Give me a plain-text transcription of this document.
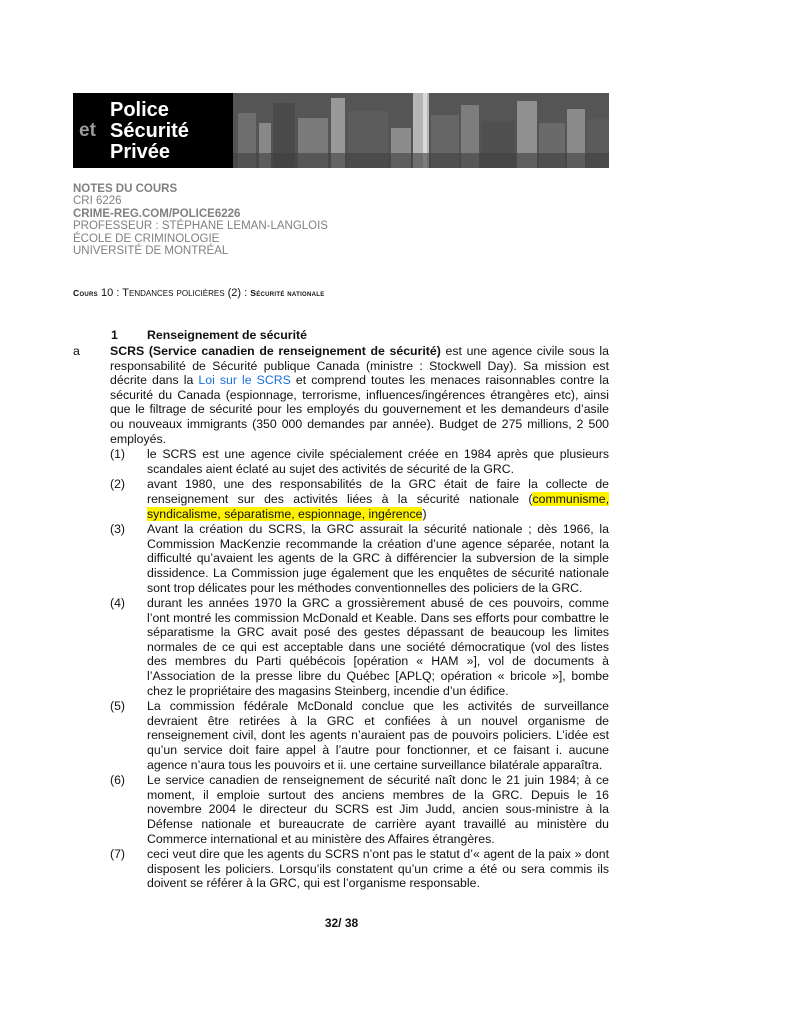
et
Police
Sécurité
Privée
NOTES DU COURS
CRI 6226
CRIME-REG.COM/POLICE6226
PROFESSEUR : STÉPHANE LEMAN-LANGLOIS
ÉCOLE DE CRIMINOLOGIE
UNIVERSITÉ DE MONTRÉAL
Cours 10 : Tendances policières (2) : Sécurité nationale
1 Renseignement de sécurité
a SCRS (Service canadien de renseignement de sécurité) est une agence civile sous la responsabilité de Sécurité publique Canada (ministre : Stockwell Day). Sa mission est décrite dans la Loi sur le SCRS et comprend toutes les menaces raisonnables contre la sécurité du Canada (espionnage, terrorisme, influences/ingérences étrangères etc), ainsi que le filtrage de sécurité pour les employés du gouvernement et les demandeurs d’asile ou nouveaux immigrants (350 000 demandes par année). Budget de 275 millions, 2 500 employés.
(1) le SCRS est une agence civile spécialement créée en 1984 après que plusieurs scandales aient éclaté au sujet des activités de sécurité de la GRC.
(2) avant 1980, une des responsabilités de la GRC était de faire la collecte de renseignement sur des activités liées à la sécurité nationale (communisme, syndicalisme, séparatisme, espionnage, ingérence)
(3) Avant la création du SCRS, la GRC assurait la sécurité nationale ; dès 1966, la Commission MacKenzie recommande la création d’une agence séparée, notant la difficulté qu’avaient les agents de la GRC à différencier la subversion de la simple dissidence. La Commission juge également que les enquêtes de sécurité nationale sont trop délicates pour les méthodes conventionnelles des policiers de la GRC.
(4) durant les années 1970 la GRC a grossièrement abusé de ces pouvoirs, comme l’ont montré les commission McDonald et Keable. Dans ses efforts pour combattre le séparatisme la GRC avait posé des gestes dépassant de beaucoup les limites normales de ce qui est acceptable dans une société démocratique (vol des listes des membres du Parti québécois [opération « HAM »], vol de documents à l’Association de la presse libre du Québec [APLQ; opération « bricole »], bombe chez le propriétaire des magasins Steinberg, incendie d’un édifice.
(5) La commission fédérale McDonald conclue que les activités de surveillance devraient être retirées à la GRC et confiées à un nouvel organisme de renseignement civil, dont les agents n’auraient pas de pouvoirs policiers. L’idée est qu’un service doit faire appel à l’autre pour fonctionner, et ce faisant i. aucune agence n’aura tous les pouvoirs et ii. une certaine surveillance bilatérale apparaîtra.
(6) Le service canadien de renseignement de sécurité naît donc le 21 juin 1984; à ce moment, il emploie surtout des anciens membres de la GRC. Depuis le 16 novembre 2004 le directeur du SCRS est Jim Judd, ancien sous-ministre à la Défense nationale et bureaucrate de carrière ayant travaillé au ministère du Commerce international et au ministère des Affaires étrangères.
(7) ceci veut dire que les agents du SCRS n’ont pas le statut d’« agent de la paix » dont disposent les policiers. Lorsqu’ils constatent qu’un crime a été ou sera commis ils doivent se référer à la GRC, qui est l’organisme responsable.
32/ 38
